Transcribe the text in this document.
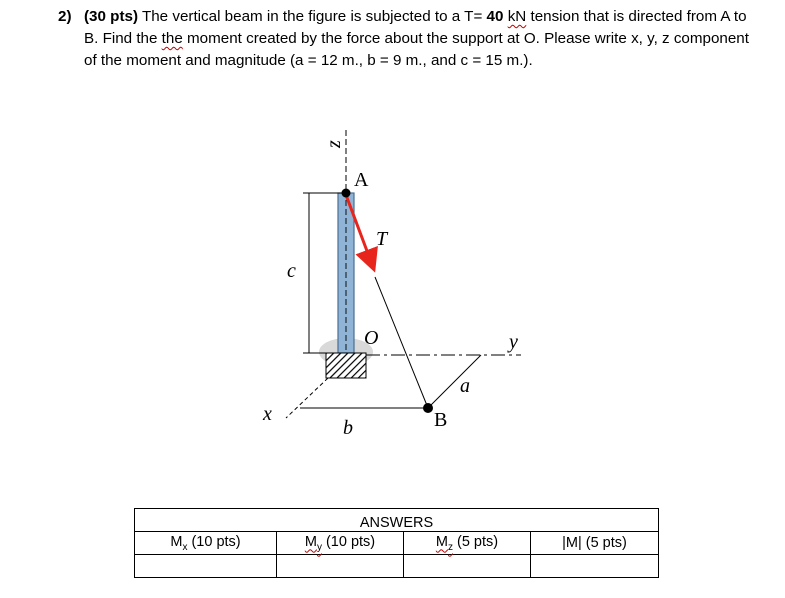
2) (30 pts) The vertical beam in the figure is subjected to a T= 40 kN tension that is directed from A to B. Find the the moment created by the force about the support at O. Please write x, y, z component of the moment and magnitude (a = 12 m., b = 9 m., and c = 15 m.).
z
A
T
c
O	y
a
x
b	B
ANSWERS			
$M_x$ (10 pts)	$M_y$ (10 pts)	$M_z$ (5 pts)	|M| (5 pts)
